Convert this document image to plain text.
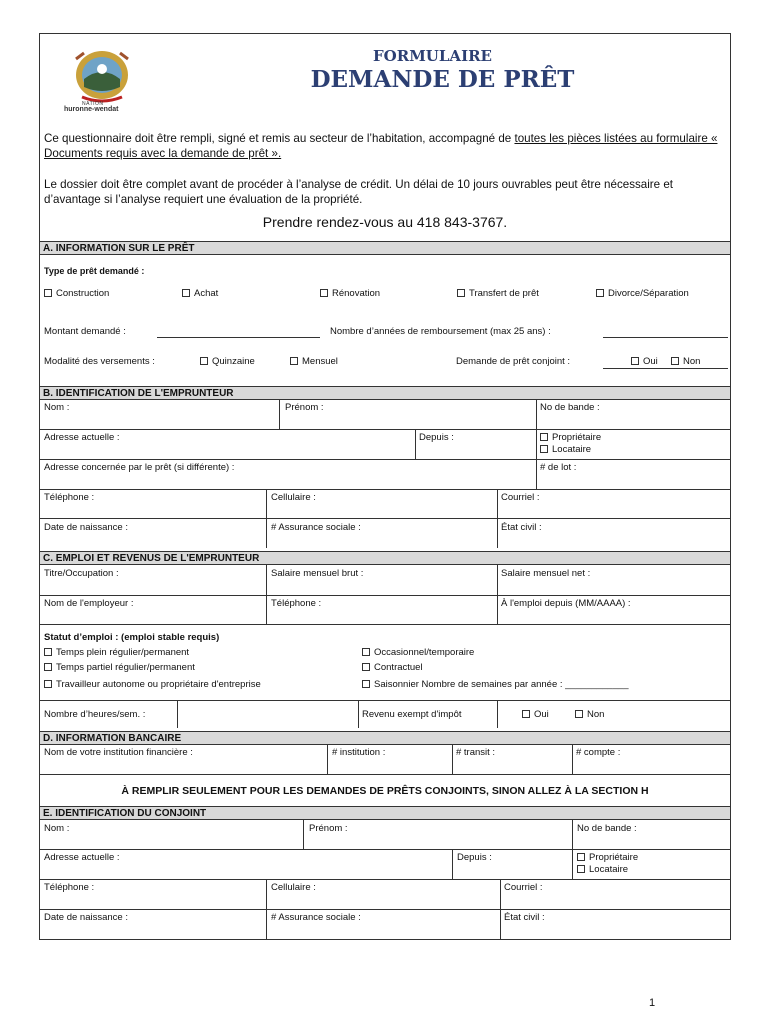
NATION
huronne-wendat
FORMULAIRE
DEMANDE DE PRÊT
Ce questionnaire doit être rempli, signé et remis au secteur de l’habitation, accompagné de toutes les pièces listées au formulaire « Documents requis avec la demande de prêt ».
Le dossier doit être complet avant de procéder à l’analyse de crédit. Un délai de 10 jours ouvrables peut être nécessaire et d’avantage si l’analyse requiert une évaluation de la propriété.
Prendre rendez-vous au 418 843-3767.
A. INFORMATION SUR LE PRÊT
Type de prêt demandé :
Construction	Achat	Rénovation	Transfert de prêt	Divorce/Séparation
Montant demandé :	Nombre d’années de remboursement (max 25 ans) :
Modalité des versements :	Quinzaine	Mensuel	Demande de prêt conjoint :	Oui	Non
B. IDENTIFICATION DE L'EMPRUNTEUR
Nom :	Prénom :	No de bande :
Adresse actuelle :	Depuis :	Propriétaire
Locataire
Adresse concernée par le prêt (si différente) :	# de lot :
Téléphone :	Cellulaire :	Courriel :
Date de naissance :	# Assurance sociale :	État civil :
C. EMPLOI ET REVENUS DE L'EMPRUNTEUR
Titre/Occupation :	Salaire mensuel brut :	Salaire mensuel net :
Nom de l'employeur :	Téléphone :	À l'emploi depuis (MM/AAAA) :
Statut d’emploi : (emploi stable requis)
Temps plein régulier/permanent
Temps partiel régulier/permanent
Travailleur autonome ou propriétaire d'entreprise
Occasionnel/temporaire
Contractuel
Saisonnier Nombre de semaines par année : ____________
Nombre d’heures/sem. :	Revenu exempt d'impôt	Oui	Non
D. INFORMATION BANCAIRE
Nom de votre institution financière :	# institution :	# transit :	# compte :
À REMPLIR SEULEMENT POUR LES DEMANDES DE PRÊTS CONJOINTS, SINON ALLEZ À LA SECTION H
E. IDENTIFICATION DU CONJOINT
Nom :	Prénom :	No de bande :
Adresse actuelle :	Depuis :	Propriétaire
Locataire
Téléphone :	Cellulaire :	Courriel :
Date de naissance :	# Assurance sociale :	État civil :
1
